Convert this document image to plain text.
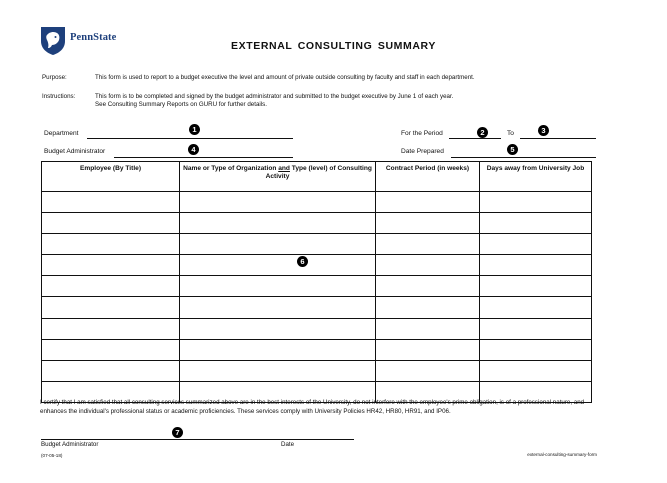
PennState
EXTERNAL CONSULTING SUMMARY
Purpose:	This form is used to report to a budget executive the level and amount of private outside consulting by faculty and staff in each department.
Instructions:	This form is to be completed and signed by the budget administrator and submitted to the budget executive by June 1 of each year.
See Consulting Summary Reports on GURU for further details.
Department	1	For the Period	2	To	3
Budget Administrator	4	Date Prepared	5
Employee (By Title)	Name or Type of Organization and Type (level) of Consulting Activity	Contract Period (in weeks)	Days away from University Job

6
I certify that I am satisfied that all consulting services summarized above are in the best interests of the University, do not interfere with the employee's prime obligation, is of a professional nature, and enhances the individual's professional status or academic proficiencies. These services comply with University Policies HR42, HR80, HR91, and IP06.
7
Budget Administrator	Date
(07-05-18)	external-consulting-summary-form
